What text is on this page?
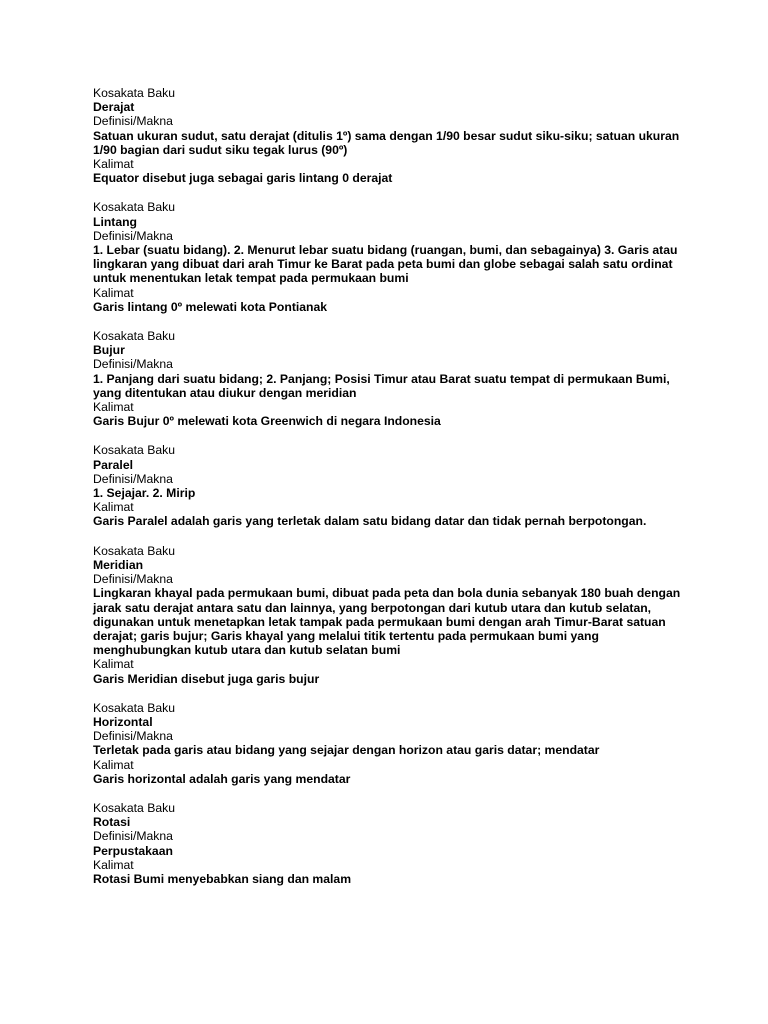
Kosakata Baku
Derajat
Definisi/Makna
Satuan ukuran sudut, satu derajat (ditulis 1º) sama dengan 1/90 besar sudut siku-siku; satuan ukuran 1/90 bagian dari sudut siku tegak lurus (90º)
Kalimat
Equator disebut juga sebagai garis lintang 0 derajat
Kosakata Baku
Lintang
Definisi/Makna
1. Lebar (suatu bidang). 2. Menurut lebar suatu bidang (ruangan, bumi, dan sebagainya) 3. Garis atau lingkaran yang dibuat dari arah Timur ke Barat pada peta bumi dan globe sebagai salah satu ordinat untuk menentukan letak tempat pada permukaan bumi
Kalimat
Garis lintang 0º melewati kota Pontianak
Kosakata Baku
Bujur
Definisi/Makna
1. Panjang dari suatu bidang; 2. Panjang; Posisi Timur atau Barat suatu tempat di permukaan Bumi, yang ditentukan atau diukur dengan meridian
Kalimat
Garis Bujur 0º melewati kota Greenwich di negara Indonesia
Kosakata Baku
Paralel
Definisi/Makna
1. Sejajar. 2. Mirip
Kalimat
Garis Paralel adalah garis yang terletak dalam satu bidang datar dan tidak pernah berpotongan.
Kosakata Baku
Meridian
Definisi/Makna
Lingkaran khayal pada permukaan bumi, dibuat pada peta dan bola dunia sebanyak 180 buah dengan jarak satu derajat antara satu dan lainnya, yang berpotongan dari kutub utara dan kutub selatan, digunakan untuk menetapkan letak tampak pada permukaan bumi dengan arah Timur-Barat satuan derajat; garis bujur; Garis khayal yang melalui titik tertentu pada permukaan bumi yang menghubungkan kutub utara dan kutub selatan bumi
Kalimat
Garis Meridian disebut juga garis bujur
Kosakata Baku
Horizontal
Definisi/Makna
Terletak pada garis atau bidang yang sejajar dengan horizon atau garis datar; mendatar
Kalimat
Garis horizontal adalah garis yang mendatar
Kosakata Baku
Rotasi
Definisi/Makna
Perpustakaan
Kalimat
Rotasi Bumi menyebabkan siang dan malam
